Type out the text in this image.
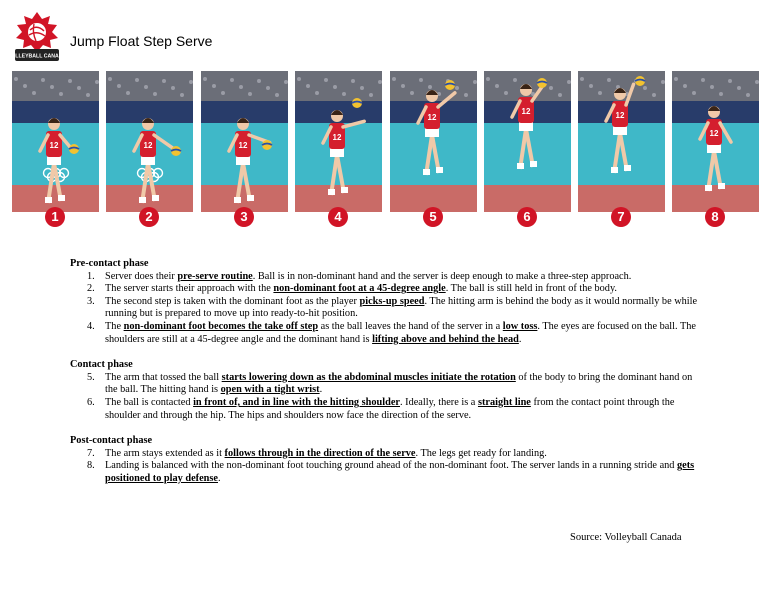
VOLLEYBALL CANADA
Jump Float Step Serve
12
1
12
2
12
3
12
4
12
5
12
6
12
7
12
8
Pre-contact phase
1. Server does their pre-serve routine. Ball is in non-dominant hand and the server is deep enough to make a three-step approach.
2. The server starts their approach with the non-dominant foot at a 45-degree angle. The ball is still held in front of the body.
3. The second step is taken with the dominant foot as the player picks-up speed. The hitting arm is behind the body as it would normally be while running but is prepared to move up into ready-to-hit position.
4. The non-dominant foot becomes the take off step as the ball leaves the hand of the server in a low toss. The eyes are focused on the ball. The shoulders are still at a 45-degree angle and the dominant hand is lifting above and behind the head.
Contact phase
5. The arm that tossed the ball starts lowering down as the abdominal muscles initiate the rotation of the body to bring the dominant hand on the ball. The hitting hand is open with a tight wrist.
6. The ball is contacted in front of, and in line with the hitting shoulder. Ideally, there is a straight line from the contact point through the shoulder and through the hip. The hips and shoulders now face the direction of the serve.
Post-contact phase
7. The arm stays extended as it follows through in the direction of the serve. The legs get ready for landing.
8. Landing is balanced with the non-dominant foot touching ground ahead of the non-dominant foot. The server lands in a running stride and gets positioned to play defense.
Source: Volleyball Canada
